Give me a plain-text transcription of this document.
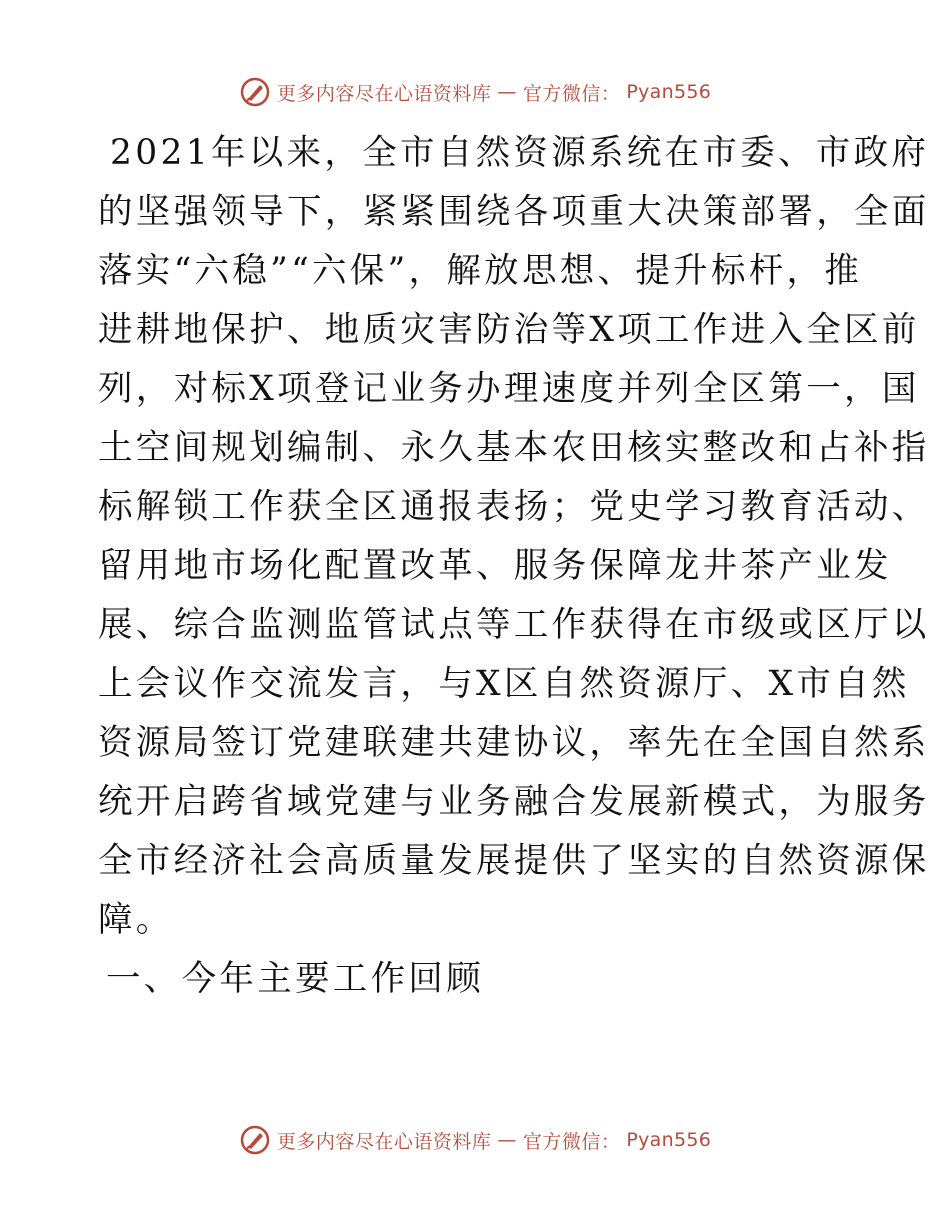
更多内容尽在心语资料库 — 官方微信： Pyan556
2021年以来，全市自然资源系统在市委、市政府
的坚强领导下，紧紧围绕各项重大决策部署，全面
落实“六稳”“六保”，解放思想、提升标杆，推
进耕地保护、地质灾害防治等X项工作进入全区前
列，对标X项登记业务办理速度并列全区第一，国
土空间规划编制、永久基本农田核实整改和占补指
标解锁工作获全区通报表扬；党史学习教育活动、
留用地市场化配置改革、服务保障龙井茶产业发
展、综合监测监管试点等工作获得在市级或区厅以
上会议作交流发言，与X区自然资源厅、X市自然
资源局签订党建联建共建协议，率先在全国自然系
统开启跨省域党建与业务融合发展新模式，为服务
全市经济社会高质量发展提供了坚实的自然资源保
障。
一、今年主要工作回顾
更多内容尽在心语资料库 — 官方微信： Pyan556
